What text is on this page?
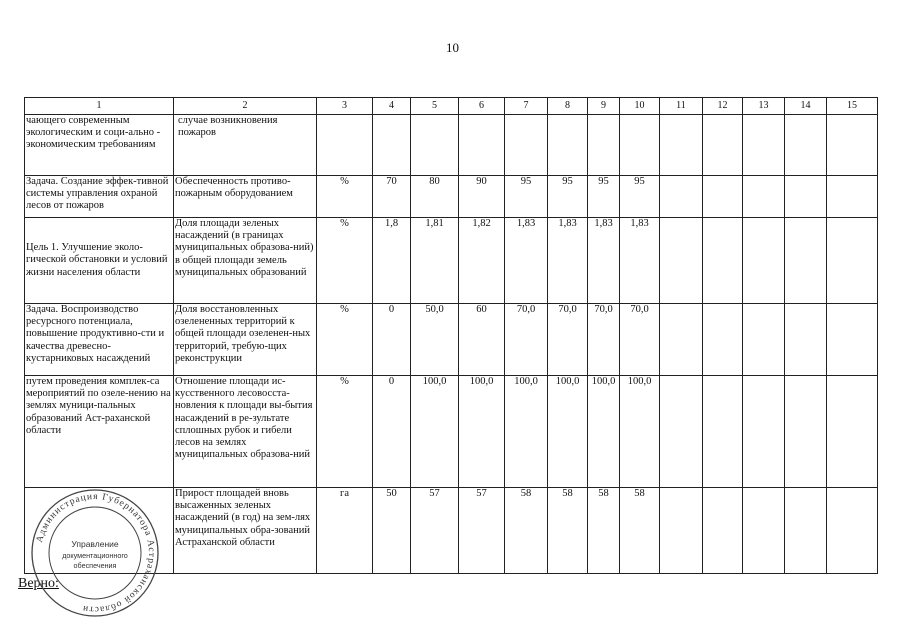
10
1	2	3	4	5	6	7	8	9	10	11	12	13	14	15
чающего современным экологическим и соци-ально - экономическим требованиям	случае возникновения пожаров													
Задача. Создание эффек-тивной системы управления охраной лесов от пожаров	Обеспеченность противо-пожарным оборудованием	%	70	80	90	95	95	95	95					
Цель 1. Улучшение эколо-гической обстановки и условий жизни населения области	Доля площади зеленых насаждений (в границах муниципальных образова-ний) в общей площади земель муниципальных образований	%	1,8	1,81	1,82	1,83	1,83	1,83	1,83					
Задача. Воспроизводство ресурсного потенциала, повышение продуктивно-сти и качества древесно-кустарниковых насаждений	Доля восстановленных озелененных территорий к общей площади озеленен-ных территорий, требую-щих реконструкции	%	0	50,0	60	70,0	70,0	70,0	70,0					
путем проведения комплек-са мероприятий по озеле-нению на землях муници-пальных образований Аст-раханской области	Отношение площади ис-кусственного лесовосста-новления к площади вы-бытия насаждений в ре-зультате сплошных рубок и гибели лесов на землях муниципальных образова-ний	%	0	100,0	100,0	100,0	100,0	100,0	100,0					
	Прирост площадей вновь высаженных зеленых насаждений (в год) на зем-лях муниципальных обра-зований Астраханской области	га	50	57	57	58	58	58	58					
Верно:
Администрация Губернатора Астраханской области
Управление
документационного
обеспечения
